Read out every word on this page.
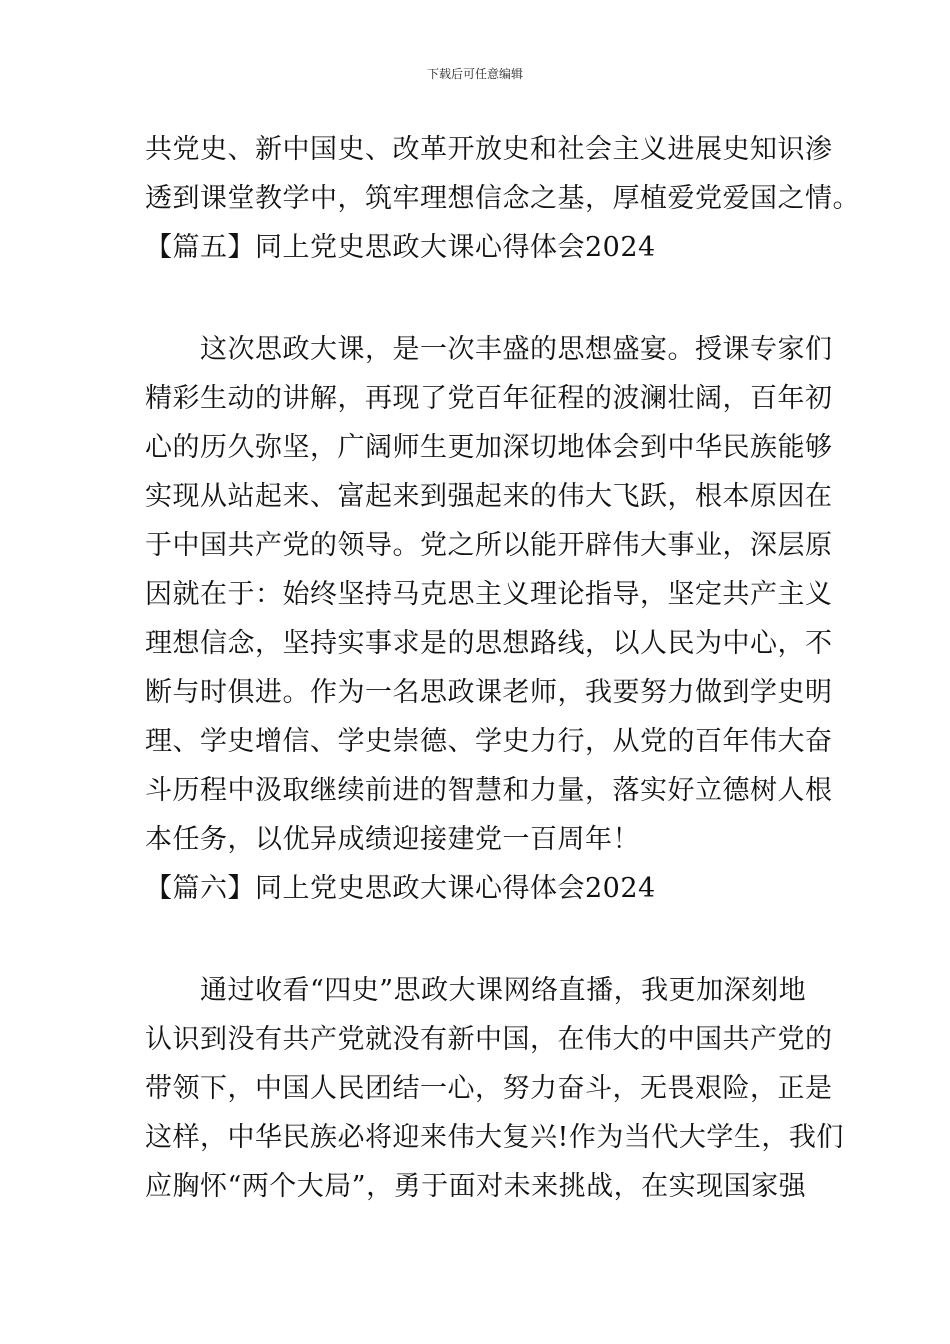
下载后可任意编辑
共党史、新中国史、改革开放史和社会主义进展史知识渗
透到课堂教学中，筑牢理想信念之基，厚植爱党爱国之情。
【篇五】同上党史思政大课心得体会2024
这次思政大课，是一次丰盛的思想盛宴。授课专家们
精彩生动的讲解，再现了党百年征程的波澜壮阔，百年初
心的历久弥坚，广阔师生更加深切地体会到中华民族能够
实现从站起来、富起来到强起来的伟大飞跃，根本原因在
于中国共产党的领导。党之所以能开辟伟大事业，深层原
因就在于：始终坚持马克思主义理论指导，坚定共产主义
理想信念，坚持实事求是的思想路线，以人民为中心，不
断与时俱进。作为一名思政课老师，我要努力做到学史明
理、学史增信、学史崇德、学史力行，从党的百年伟大奋
斗历程中汲取继续前进的智慧和力量，落实好立德树人根
本任务，以优异成绩迎接建党一百周年！
【篇六】同上党史思政大课心得体会2024
通过收看“四史”思政大课网络直播，我更加深刻地
认识到没有共产党就没有新中国，在伟大的中国共产党的
带领下，中国人民团结一心，努力奋斗，无畏艰险，正是
这样，中华民族必将迎来伟大复兴!作为当代大学生，我们
应胸怀“两个大局”，勇于面对未来挑战，在实现国家强
